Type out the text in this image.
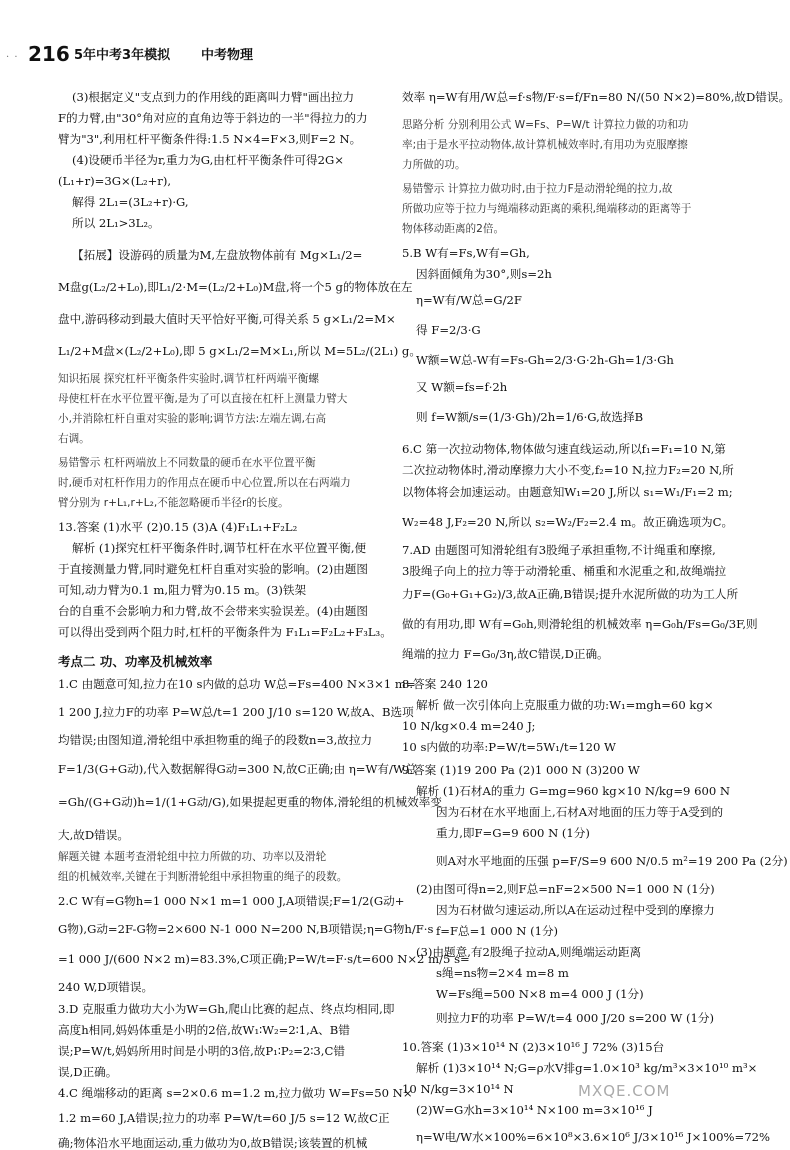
· · 216 5年中考3年模拟 中考物理
(3)根据定义"支点到力的作用线的距离叫力臂"画出拉力
F的力臂,由"30°角对应的直角边等于斜边的一半"得拉力的力
臂为"3",利用杠杆平衡条件得:1.5 N×4=F×3,则F=2 N。
(4)设硬币半径为r,重力为G,由杠杆平衡条件可得2G×
(L₁+r)=3G×(L₂+r),
解得 2L₁=(3L₂+r)·G,
所以 2L₁>3L₂。
【拓展】设游码的质量为M,左盘放物体前有 Mg×L₁/2=
M盘g(L₂/2+L₀),即L₁/2·M=(L₂/2+L₀)M盘,将一个5 g的物体放在左
盘中,游码移动到最大值时天平恰好平衡,可得关系 5 g×L₁/2=M×
L₁/2+M盘×(L₂/2+L₀),即 5 g×L₁/2=M×L₁,所以 M=5L₂/(2L₁) g。
知识拓展 探究杠杆平衡条件实验时,调节杠杆两端平衡螺
母使杠杆在水平位置平衡,是为了可以直接在杠杆上测量力臂大
小,并消除杠杆自重对实验的影响;调节方法:左端左调,右高
右调。
易错警示 杠杆两端放上不同数量的硬币在水平位置平衡
时,硬币对杠杆作用力的作用点在硬币中心位置,所以在右两端力
臂分别为 r+L₁,r+L₂,不能忽略硬币半径r的长度。
13.答案 (1)水平 (2)0.15 (3)A (4)F₁L₁+F₂L₂
解析 (1)探究杠杆平衡条件时,调节杠杆在水平位置平衡,便
于直接测量力臂,同时避免杠杆自重对实验的影响。(2)由题图
可知,动力臂为0.1 m,阻力臂为0.15 m。(3)铁架
台的自重不会影响力和力臂,故不会带来实验误差。(4)由题图
可以得出受到两个阻力时,杠杆的平衡条件为 F₁L₁=F₂L₂+F₃L₃。
考点二 功、功率及机械效率
1.C 由题意可知,拉力在10 s内做的总功 W总=Fs=400 N×3×1 m=
1 200 J,拉力F的功率 P=W总/t=1 200 J/10 s=120 W,故A、B选项
均错误;由图知道,滑轮组中承担物重的绳子的段数n=3,故拉力
F=1/3(G+G动),代入数据解得G动=300 N,故C正确;由 η=W有/W总
=Gh/(G+G动)h=1/(1+G动/G),如果提起更重的物体,滑轮组的机械效率变
大,故D错误。
解题关键 本题考查滑轮组中拉力所做的功、功率以及滑轮
组的机械效率,关键在于判断滑轮组中承担物重的绳子的段数。
2.C W有=G物h=1 000 N×1 m=1 000 J,A项错误;F=1/2(G动+
G物),G动=2F-G物=2×600 N-1 000 N=200 N,B项错误;η=G物h/F·s
=1 000 J/(600 N×2 m)=83.3%,C项正确;P=W/t=F·s/t=600 N×2 m/5 s=
240 W,D项错误。
3.D 克服重力做功大小为W=Gh,爬山比赛的起点、终点均相同,即
高度h相同,妈妈体重是小明的2倍,故W₁∶W₂=2∶1,A、B错
误;P=W/t,妈妈所用时间是小明的3倍,故P₁∶P₂=2∶3,C错
误,D正确。
4.C 绳端移动的距离 s=2×0.6 m=1.2 m,拉力做功 W=Fs=50 N×
1.2 m=60 J,A错误;拉力的功率 P=W/t=60 J/5 s=12 W,故C正
确;物体沿水平地面运动,重力做功为0,故B错误;该装置的机械
效率 η=W有用/W总=f·s物/F·s=f/Fn=80 N/(50 N×2)=80%,故D错误。
思路分析 分别利用公式 W=Fs、P=W/t 计算拉力做的功和功
率;由于是水平拉动物体,故计算机械效率时,有用功为克服摩擦
力所做的功。
易错警示 计算拉力做功时,由于拉力F是动滑轮绳的拉力,故
所做功应等于拉力与绳端移动距离的乘积,绳端移动的距离等于
物体移动距离的2倍。
5.B W有=Fs,W有=Gh,
因斜面倾角为30°,则s=2h
η=W有/W总=G/2F
得 F=2/3·G
W额=W总-W有=Fs-Gh=2/3·G·2h-Gh=1/3·Gh
又 W额=fs=f·2h
则 f=W额/s=(1/3·Gh)/2h=1/6·G,故选择B
6.C 第一次拉动物体,物体做匀速直线运动,所以f₁=F₁=10 N,第
二次拉动物体时,滑动摩擦力大小不变,f₂=10 N,拉力F₂=20 N,所
以物体将会加速运动。由题意知W₁=20 J,所以 s₁=W₁/F₁=2 m;
W₂=48 J,F₂=20 N,所以 s₂=W₂/F₂=2.4 m。故正确选项为C。
7.AD 由题图可知滑轮组有3股绳子承担重物,不计绳重和摩擦,
3股绳子向上的拉力等于动滑轮重、桶重和水泥重之和,故绳端拉
力F=(G₀+G₁+G₂)/3,故A正确,B错误;提升水泥所做的功为工人所
做的有用功,即 W有=G₀h,则滑轮组的机械效率 η=G₀h/Fs=G₀/3F,则
绳端的拉力 F=G₀/3η,故C错误,D正确。
8.答案 240 120
解析 做一次引体向上克服重力做的功:W₁=mgh=60 kg×
10 N/kg×0.4 m=240 J;
10 s内做的功率:P=W/t=5W₁/t=120 W
9.答案 (1)19 200 Pa (2)1 000 N (3)200 W
解析 (1)石材A的重力 G=mg=960 kg×10 N/kg=9 600 N
因为石材在水平地面上,石材A对地面的压力等于A受到的
重力,即F=G=9 600 N (1分)
则A对水平地面的压强 p=F/S=9 600 N/0.5 m²=19 200 Pa (2分)
(2)由图可得n=2,则F总=nF=2×500 N=1 000 N (1分)
因为石材做匀速运动,所以A在运动过程中受到的摩擦力
f=F总=1 000 N (1分)
(3)由题意,有2股绳子拉动A,则绳端运动距离
s绳=ns物=2×4 m=8 m
W=Fs绳=500 N×8 m=4 000 J (1分)
则拉力F的功率 P=W/t=4 000 J/20 s=200 W (1分)
10.答案 (1)3×10¹⁴ N (2)3×10¹⁶ J 72% (3)15台
解析 (1)3×10¹⁴ N;G=ρ水V排g=1.0×10³ kg/m³×3×10¹⁰ m³×
10 N/kg=3×10¹⁴ N
(2)W=G水h=3×10¹⁴ N×100 m=3×10¹⁶ J
η=W电/W水×100%=6×10⁸×3.6×10⁶ J/3×10¹⁶ J×100%=72%
MXQE.COM
